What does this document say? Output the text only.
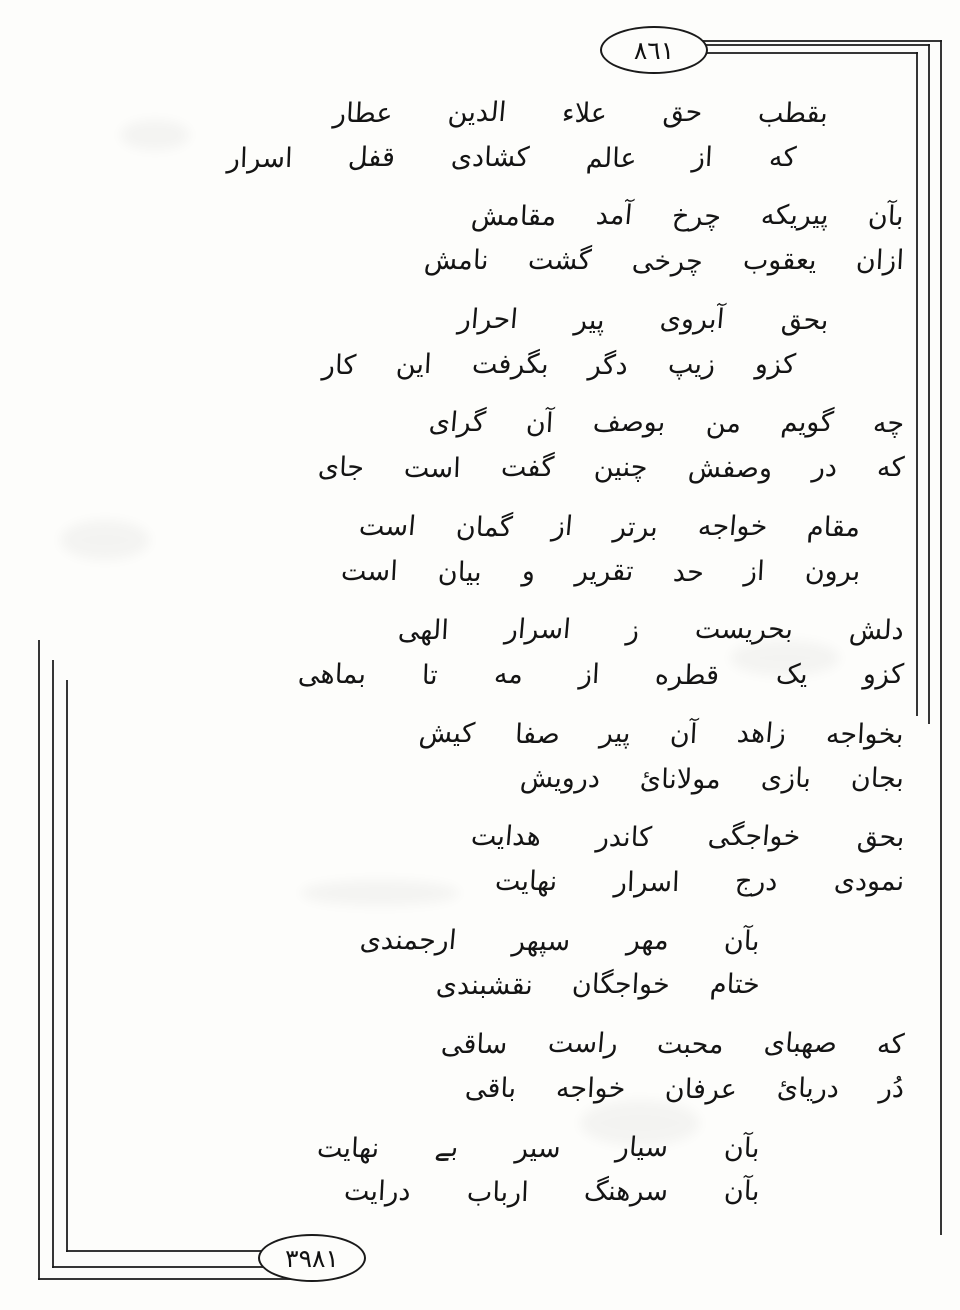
٨٦١
٣٩٨١
بقطب
حق
علاء
الدین
عطار
که
از
عالم
کشادی
قفل
اسرار
بآن
پیریکه
چرخ
آمد
مقامش
ازان
یعقوب
چرخی
گشت
نامش
بحق
آبروی
پیر
احرار
کزو
زیپ
دگر
بگرفت
این
کار
چه
گویم
من
بوصف
آن
گرای
که
در
وصفش
چنین
گفت
است
جای
مقام
خواجه
برتر
از
گمان
است
برون
از
حد
تقریر
و
بیان
است
دلش
بحریست
ز
اسرار
الهی
کزو
یک
قطره
از
مه
تا
بماهی
بخواجه
زاهد
آن
پیر
صفا
کیش
بجان
بازی
مولانائ
درویش
بحق
خواجگی
کاندر
هدایت
نمودی
درج
اسرار
نهایت
بآن
مهر
سپهر
ارجمندی
ختام
خواجگان
نقشبندی
که
صهبای
محبت
راست
ساقی
دُر
دریائ
عرفان
خواجه
باقی
بآن
سیار
سیر
بے
نهایت
بآن
سرهنگ
ارباب
درایت
